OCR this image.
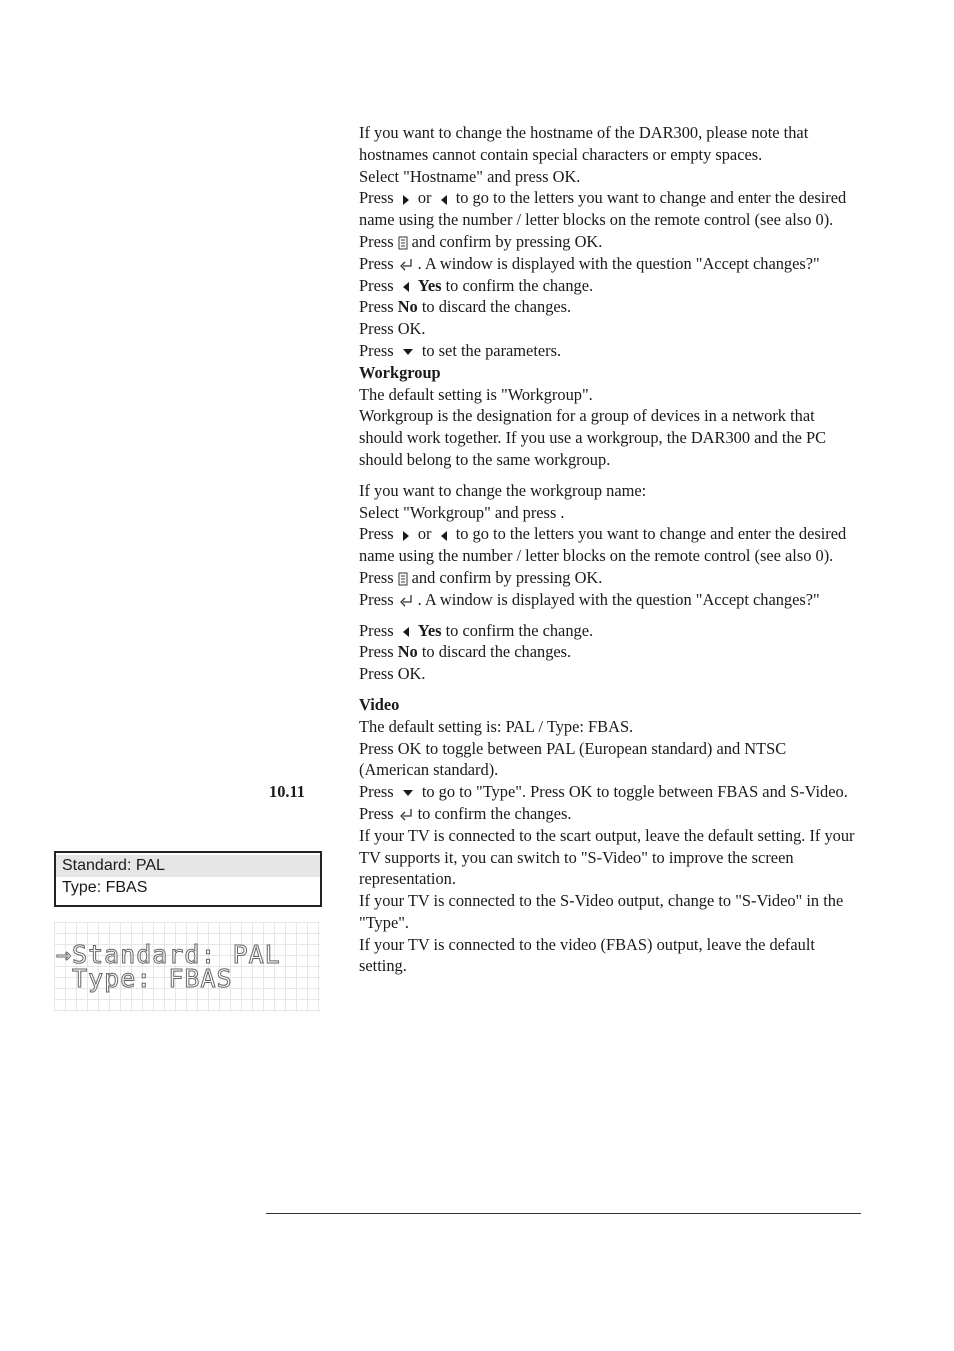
If you want to change the hostname of the DAR300, please note that hostnames cannot contain special characters or empty spaces.

Select "Hostname" and press OK.

Press or to go to the letters you want to change and enter the desired name using the number / letter blocks on the remote control (see also 0).

Press and confirm by pressing OK.

Press . A window is displayed with the question "Accept changes?"

Press Yes to confirm the change.

Press No to discard the changes.

Press OK.

Press to set the parameters.

Workgroup

The default setting is "Workgroup".

Workgroup is the designation for a group of devices in a network that should work together. If you use a workgroup, the DAR300 and the PC should belong to the same workgroup.

If you want to change the workgroup name:

Select "Workgroup" and press .

Press or to go to the letters you want to change and enter the desired name using the number / letter blocks on the remote control (see also 0).

Press and confirm by pressing OK.

Press . A window is displayed with the question "Accept changes?"

Press Yes to confirm the change.

Press No to discard the changes.

Press OK.

Video

The default setting is: PAL / Type: FBAS.

Press OK to toggle between PAL (European standard) and NTSC (American standard).

Press to go to "Type". Press OK to toggle between FBAS and S-Video.

Press to confirm the changes.

If your TV is connected to the scart output, leave the default setting. If your TV supports it, you can switch to "S-Video" to improve the screen representation.

If your TV is connected to the S-Video output, change to "S-Video" in the "Type".

If your TV is connected to the video (FBAS) output, leave the default setting.

10.11
Standard: PAL
Type: FBAS
→Standard: PAL
Type: FBAS
